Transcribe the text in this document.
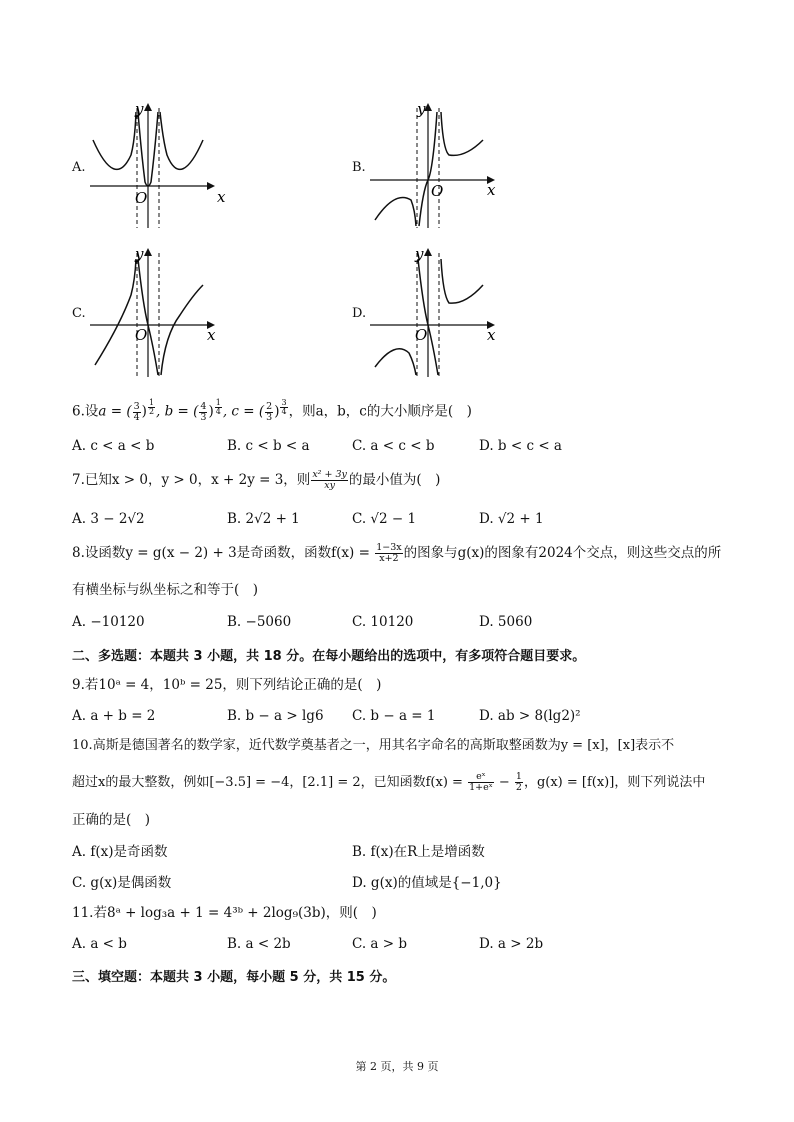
A.
x
y
O
B.
x
y
O
C.
x
y
O
D.
x
y
O
6.设a = ( $\frac{3}{4}$ ) $^{\frac{1}{2}}$ , b = ( $\frac{4}{3}$ ) $^{\frac{1}{4}}$ , c = ( $\frac{2}{3}$ ) $^{\frac{3}{4}}$ ，则a，b，c的大小顺序是(　)
A. c < a < b	B. c < b < a	C. a < c < b	D. b < c < a
7.已知x > 0，y > 0，x + 2y = 3，则 $\frac{\text{x² + 3y}}{xy}$ 的最小值为(　)
A. 3 − 2√2	B. 2√2 + 1	C. √2 − 1	D. √2 + 1
8.设函数y = g(x − 2) + 3是奇函数，函数$f(x) = \frac{1-3x}{x+2}$ 的图象与g(x)的图象有2024个交点，则这些交点的所
有横坐标与纵坐标之和等于(　)
A. −10120	B. −5060	C. 10120	D. 5060
二、多选题：本题共 3 小题，共 18 分。在每小题给出的选项中，有多项符合题目要求。
9.若10ᵃ = 4，10ᵇ = 25，则下列结论正确的是(　)
A. a + b = 2	B. b − a > lg6 C. b − a = 1	D. ab > 8(lg2)²
10.高斯是德国著名的数学家，近代数学奠基者之一，用其名字命名的高斯取整函数为y = [x]，[x]表示不
超过x的最大整数，例如[−3.5] = −4，[2.1] = 2，已知函数$f(x) = \frac{\text{eˣ}}{\text{1+eˣ}} - \frac{1}{2}$ ，g(x) = [f(x)]，则下列说法中
正确的是(　)
A. f(x)是奇函数	B. f(x)在R上是增函数
C. g(x)是偶函数	D. g(x)的值域是{−1,0}
11.若8ᵃ + log₃a + 1 = 4³ᵇ + 2log₉(3b)，则(　)
A. a < b	B. a < 2b	C. a > b	D. a > 2b
三、填空题：本题共 3 小题，每小题 5 分，共 15 分。
第 2 页，共 9 页
